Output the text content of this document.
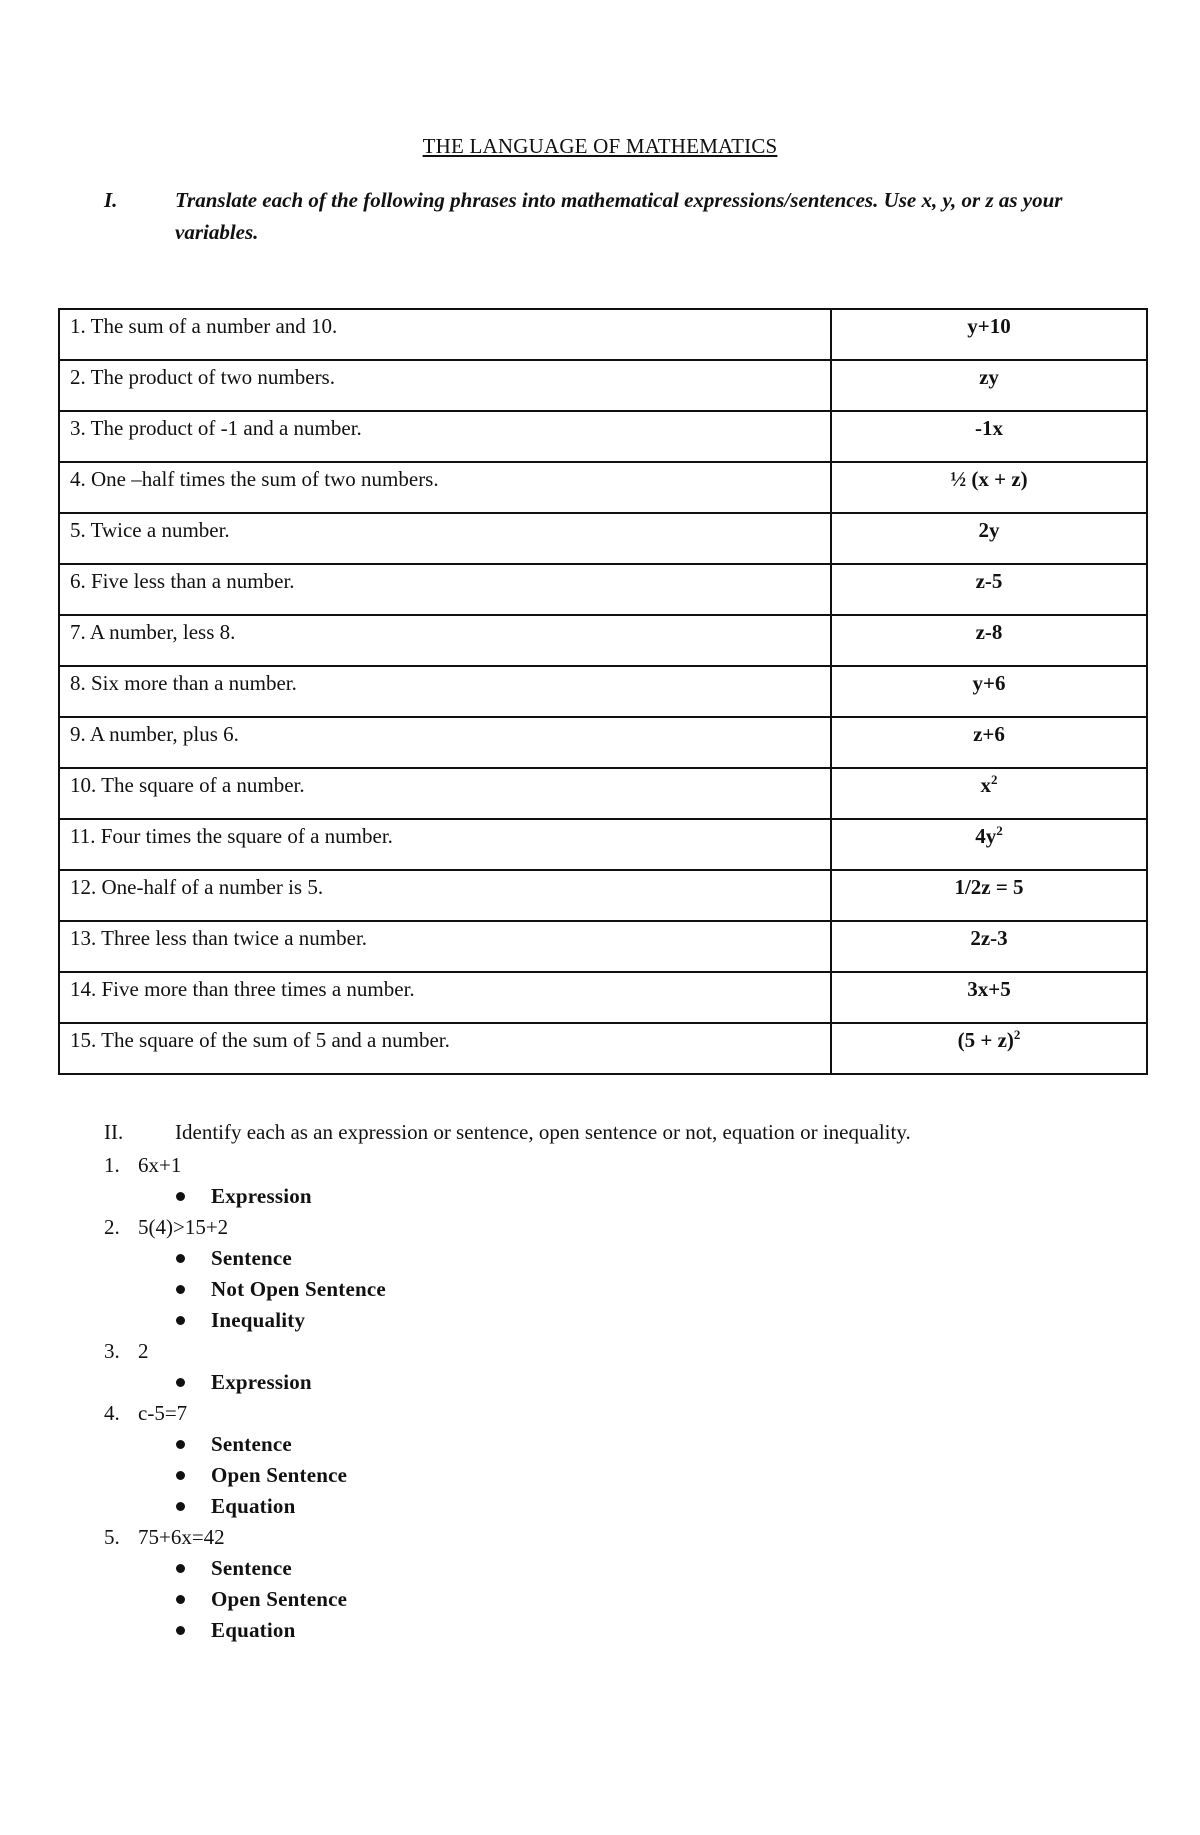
THE LANGUAGE OF MATHEMATICS
I.	Translate each of the following phrases into mathematical expressions/sentences. Use x, y, or z as your variables.
1. The sum of a number and 10.	y+10
2. The product of two numbers.	zy
3. The product of -1 and a number.	-1x
4. One –half times the sum of two numbers.	½ (x + z)
5. Twice a number.	2y
6. Five less than a number.	z-5
7. A number, less 8.	z-8
8. Six more than a number.	y+6
9. A number, plus 6.	z+6
10. The square of a number.	$x^2$
11. Four times the square of a number.	$4y^2$
12. One-half of a number is 5.	1/2z = 5
13. Three less than twice a number.	2z-3
14. Five more than three times a number.	3x+5
15. The square of the sum of 5 and a number.	$(5 + z)^2$
II. Identify each as an expression or sentence, open sentence or not, equation or inequality.
1. 6x+1
Expression
2. 5(4)>15+2
Sentence
Not Open Sentence
Inequality
3. 2
Expression
4. c-5=7
Sentence
Open Sentence
Equation
5. 75+6x=42
Sentence
Open Sentence
Equation
